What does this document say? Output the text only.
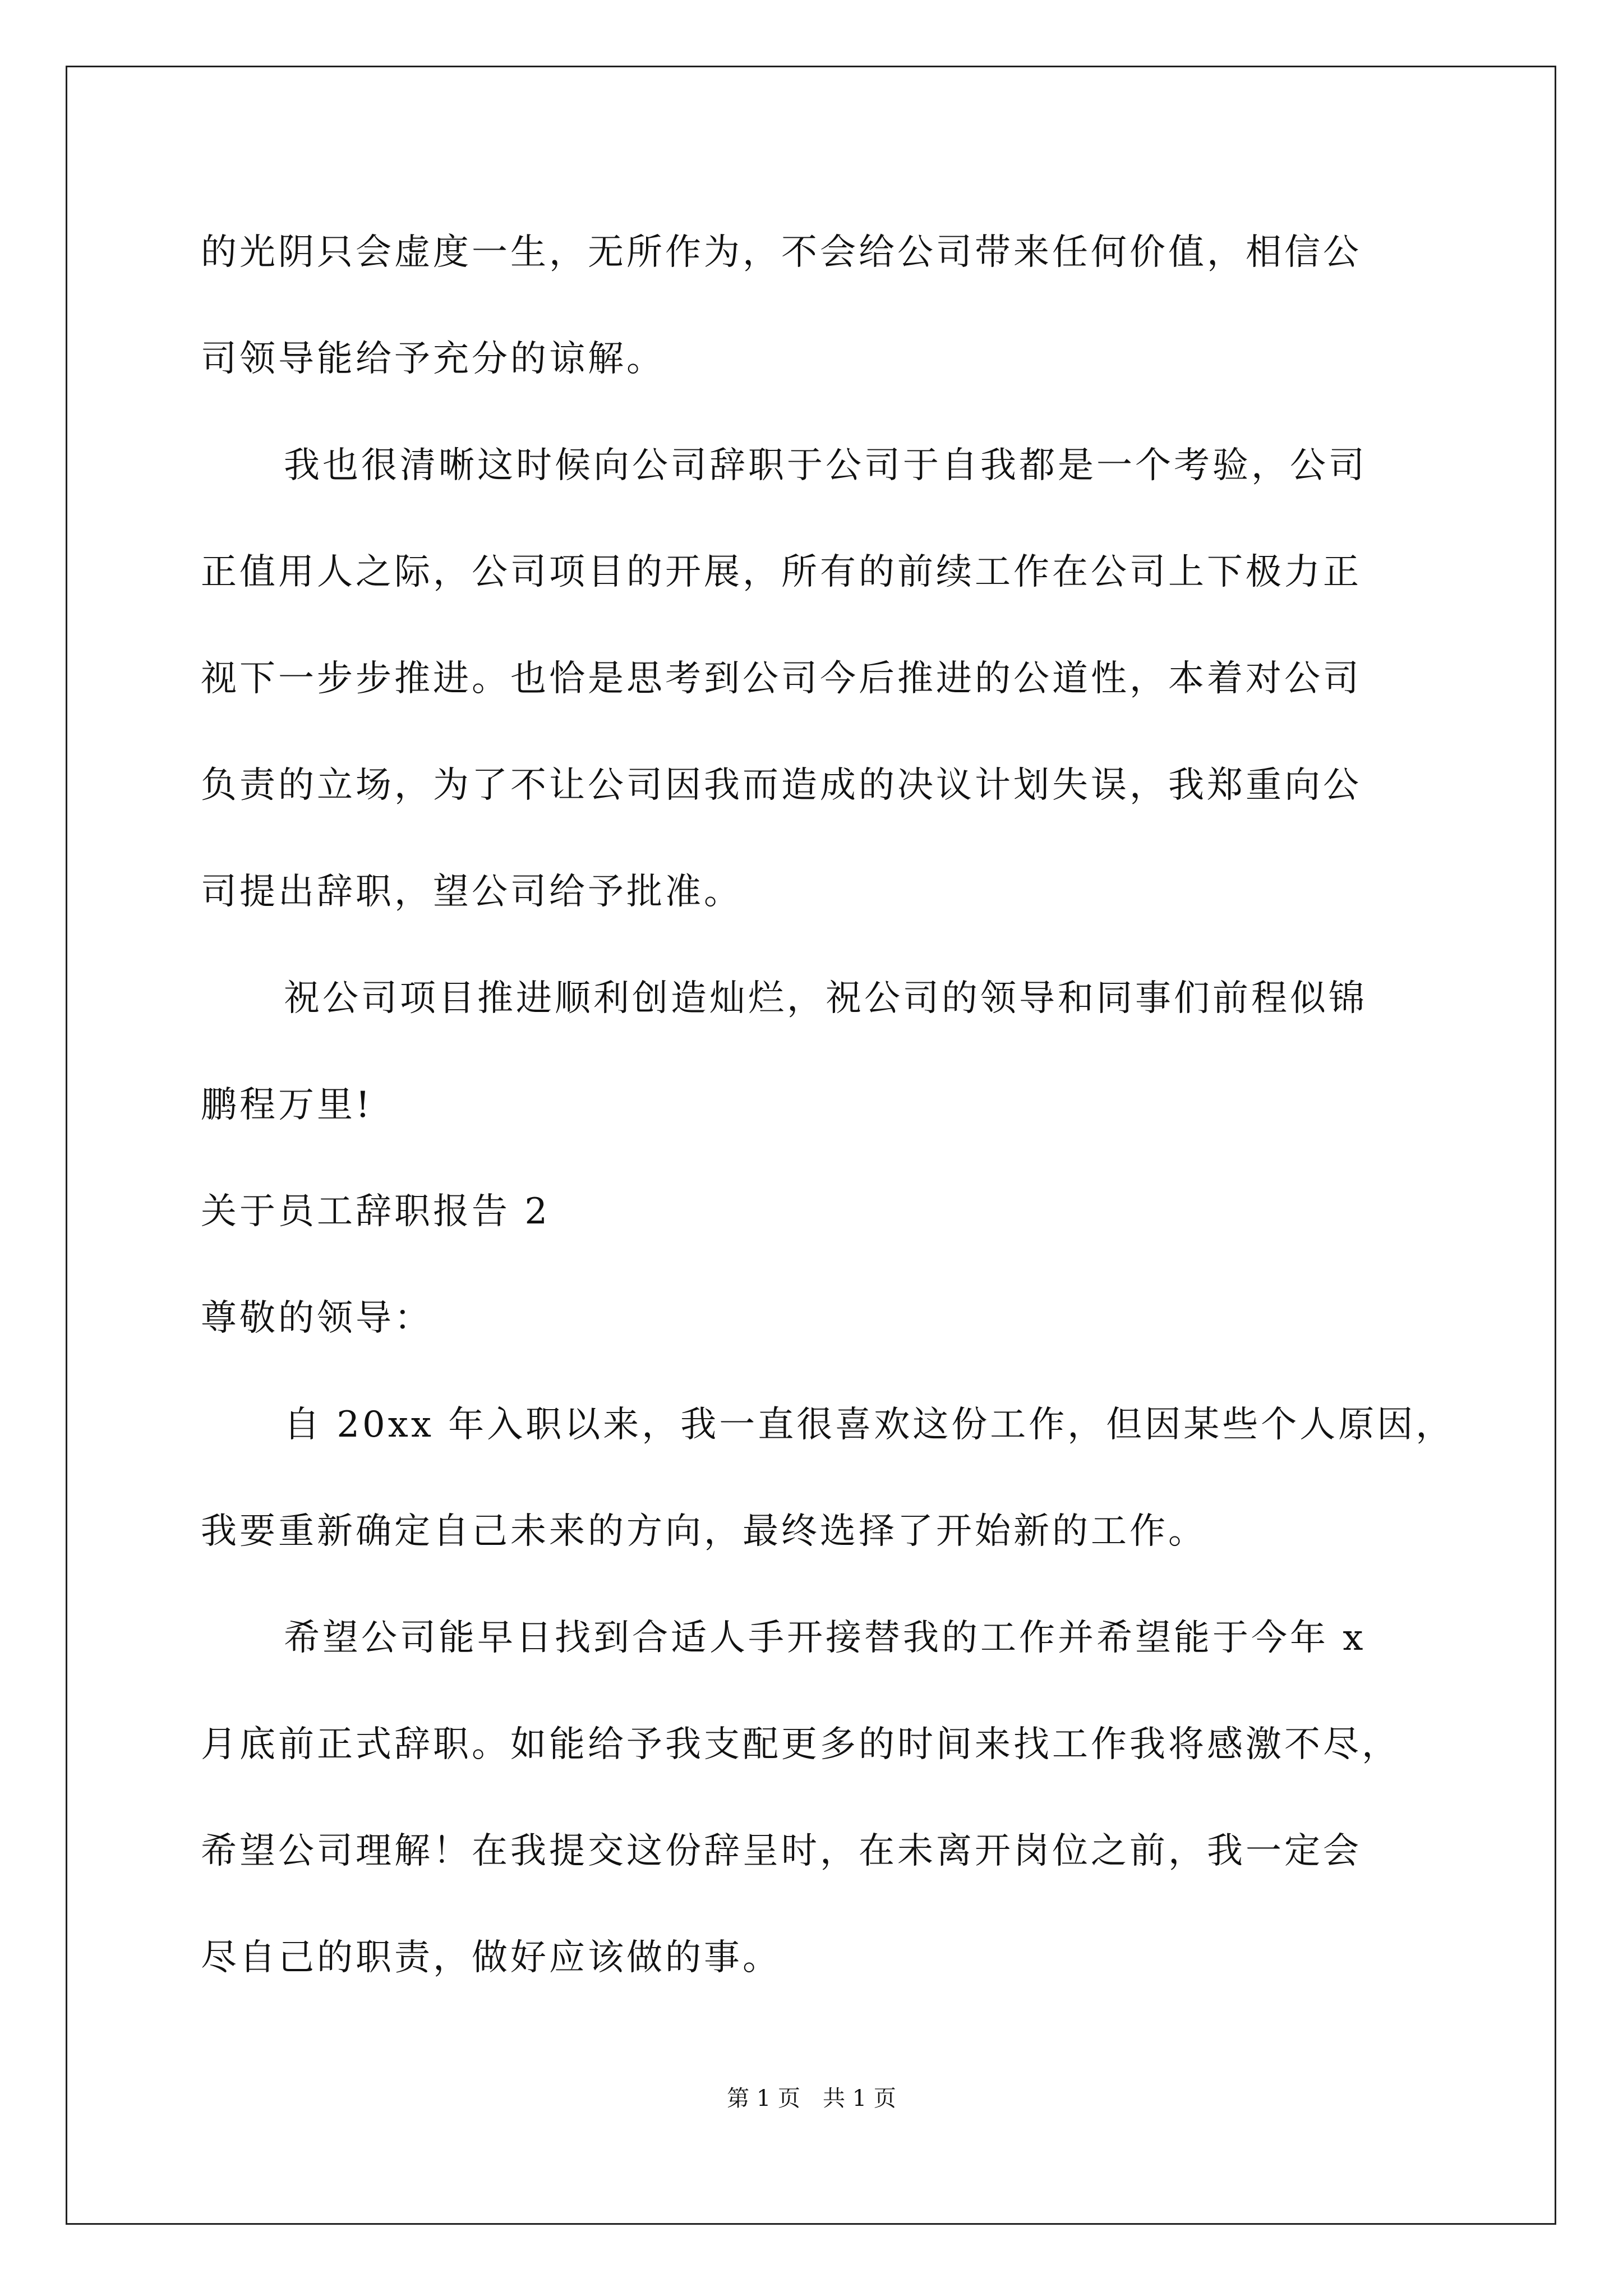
的光阴只会虚度一生，无所作为，不会给公司带来任何价值，相信公
司领导能给予充分的谅解。
我也很清晰这时候向公司辞职于公司于自我都是一个考验，公司
正值用人之际，公司项目的开展，所有的前续工作在公司上下极力正
视下一步步推进。也恰是思考到公司今后推进的公道性，本着对公司
负责的立场，为了不让公司因我而造成的决议计划失误，我郑重向公
司提出辞职，望公司给予批准。
祝公司项目推进顺利创造灿烂，祝公司的领导和同事们前程似锦
鹏程万里!
关于员工辞职报告 2
尊敬的领导：
自 20xx 年入职以来，我一直很喜欢这份工作，但因某些个人原因，
我要重新确定自己未来的方向，最终选择了开始新的工作。
希望公司能早日找到合适人手开接替我的工作并希望能于今年 x
月底前正式辞职。如能给予我支配更多的时间来找工作我将感激不尽，
希望公司理解！在我提交这份辞呈时，在未离开岗位之前，我一定会
尽自己的职责，做好应该做的事。
第 1 页　共 1 页
